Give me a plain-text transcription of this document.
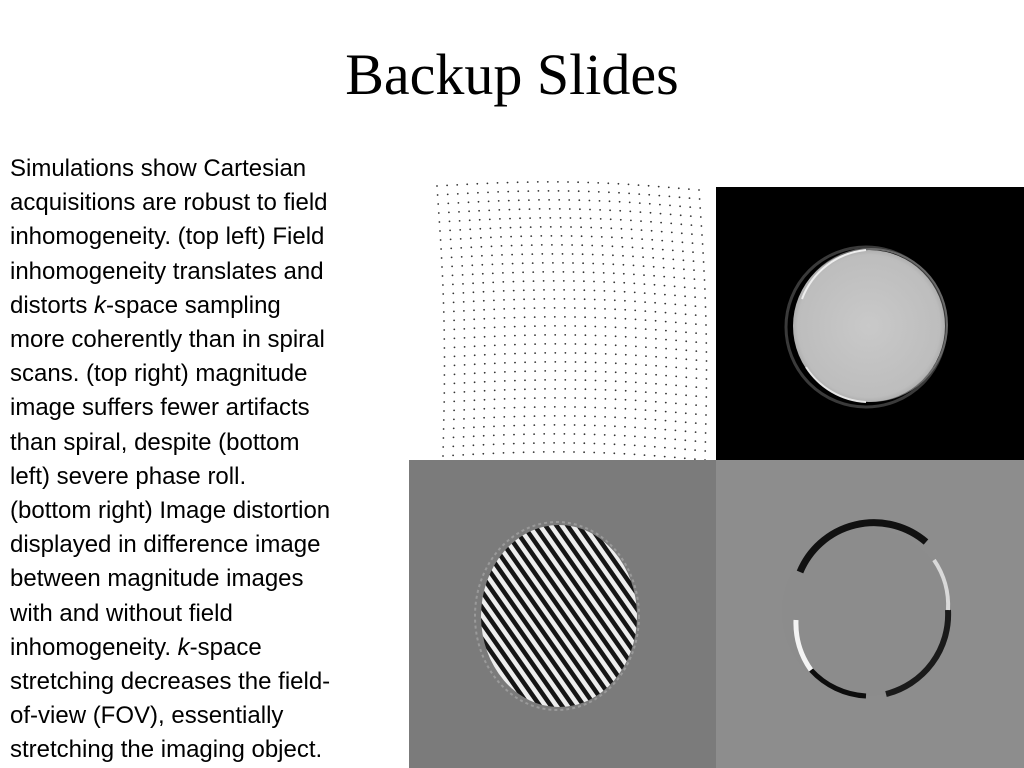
Backup Slides
Simulations show Cartesian
acquisitions are robust to field
inhomogeneity. (top left) Field
inhomogeneity translates and
distorts k-space sampling
more coherently than in spiral
scans. (top right) magnitude
image suffers fewer artifacts
than spiral, despite (bottom
left) severe phase roll.
(bottom right) Image distortion
displayed in difference image
between magnitude images
with and without field
inhomogeneity. k-space
stretching decreases the field-
of-view (FOV), essentially
stretching the imaging object.
